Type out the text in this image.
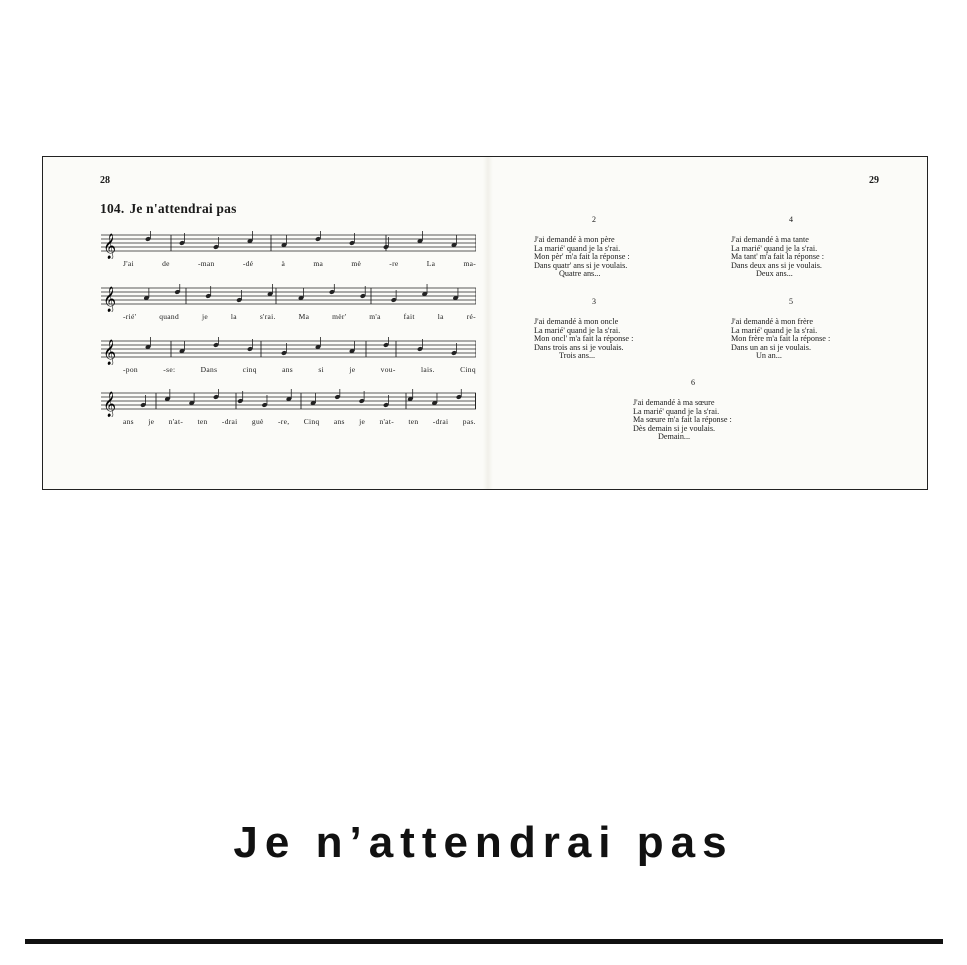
28
104. Je n'attendrai pas
𝄞
J'ai	de	-man	-dé	à	ma	mè	-re	La	ma-
𝄞
-rié'	quand	je	la	s'rai.	Ma	mèr'	m'a	fait	la	ré-
𝄞
-pon	-se:	Dans	cinq	ans	si	je	vou-	lais.	Cinq
𝄞
ans je n'at- ten -drai guè -re, Cinq ans je n'at- ten -drai pas.
29
2
J'ai demandé à mon père
La marié' quand je la s'rai.
Mon pèr' m'a fait la réponse :
Dans quatr' ans si je voulais.
Quatre ans...
4
J'ai demandé à ma tante
La marié' quand je la s'rai.
Ma tant' m'a fait la réponse :
Dans deux ans si je voulais.
Deux ans...
3
J'ai demandé à mon oncle
La marié' quand je la s'rai.
Mon oncl' m'a fait la réponse :
Dans trois ans si je voulais.
Trois ans...
5
J'ai demandé à mon frère
La marié' quand je la s'rai.
Mon frère m'a fait la réponse :
Dans un an si je voulais.
Un an...
6
J'ai demandé à ma sœure
La marié' quand je la s'rai.
Ma sœure m'a fait la réponse :
Dès demain si je voulais.
Demain...
Je n’attendrai pas
